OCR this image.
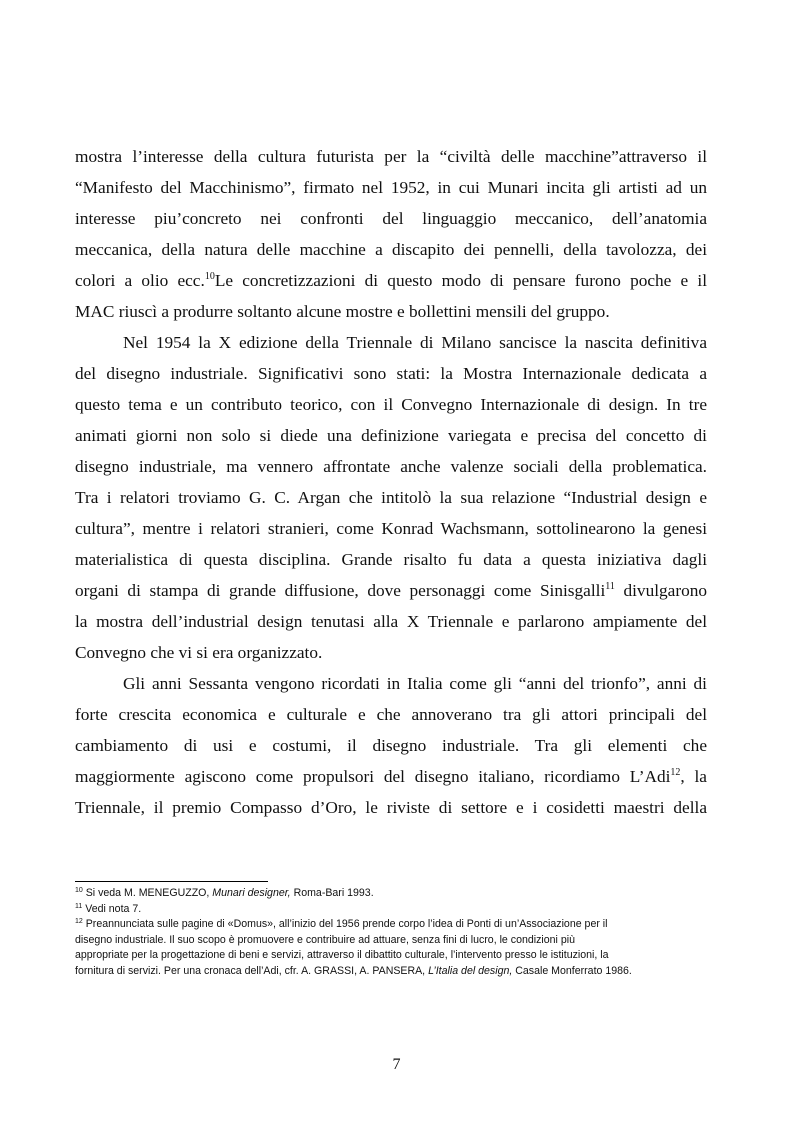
mostra l’interesse della cultura futurista per la “civiltà delle macchine”attraverso il
“Manifesto del Macchinismo”, firmato nel 1952, in cui Munari incita gli artisti ad un
interesse piu’concreto nei confronti del linguaggio meccanico, dell’anatomia
meccanica, della natura delle macchine a discapito dei pennelli, della tavolozza, dei
colori a olio ecc.$^{10}$Le concretizzazioni di questo modo di pensare furono poche e il
MAC riuscì a produrre soltanto alcune mostre e bollettini mensili del gruppo.
Nel 1954 la X edizione della Triennale di Milano sancisce la nascita definitiva
del disegno industriale. Significativi sono stati: la Mostra Internazionale dedicata a
questo tema e un contributo teorico, con il Convegno Internazionale di design. In tre
animati giorni non solo si diede una definizione variegata e precisa del concetto di
disegno industriale, ma vennero affrontate anche valenze sociali della problematica.
Tra i relatori troviamo G. C. Argan che intitolò la sua relazione “Industrial design e
cultura”, mentre i relatori stranieri, come Konrad Wachsmann, sottolinearono la genesi
materialistica di questa disciplina. Grande risalto fu data a questa iniziativa dagli
organi di stampa di grande diffusione, dove personaggi come Sinisgalli$^{11}$ divulgarono
la mostra dell’industrial design tenutasi alla X Triennale e parlarono ampiamente del
Convegno che vi si era organizzato.
Gli anni Sessanta vengono ricordati in Italia come gli “anni del trionfo”, anni di
forte crescita economica e culturale e che annoverano tra gli attori principali del
cambiamento di usi e costumi, il disegno industriale. Tra gli elementi che
maggiormente agiscono come propulsori del disegno italiano, ricordiamo L’Adi$^{12}$, la
Triennale, il premio Compasso d’Oro, le riviste di settore e i cosidetti maestri della
$^{10}$ Si veda M. MENEGUZZO, Munari designer, Roma-Bari 1993.
$^{11}$ Vedi nota 7.
$^{12}$ Preannunciata sulle pagine di «Domus», all’inizio del 1956 prende corpo l’idea di Ponti di un’Associazione per il
disegno industriale. Il suo scopo è promuovere e contribuire ad attuare, senza fini di lucro, le condizioni più
appropriate per la progettazione di beni e servizi, attraverso il dibattito culturale, l’intervento presso le istituzioni, la
fornitura di servizi. Per una cronaca dell’Adi, cfr. A. GRASSI, A. PANSERA, L’Italia del design, Casale Monferrato 1986.
7
